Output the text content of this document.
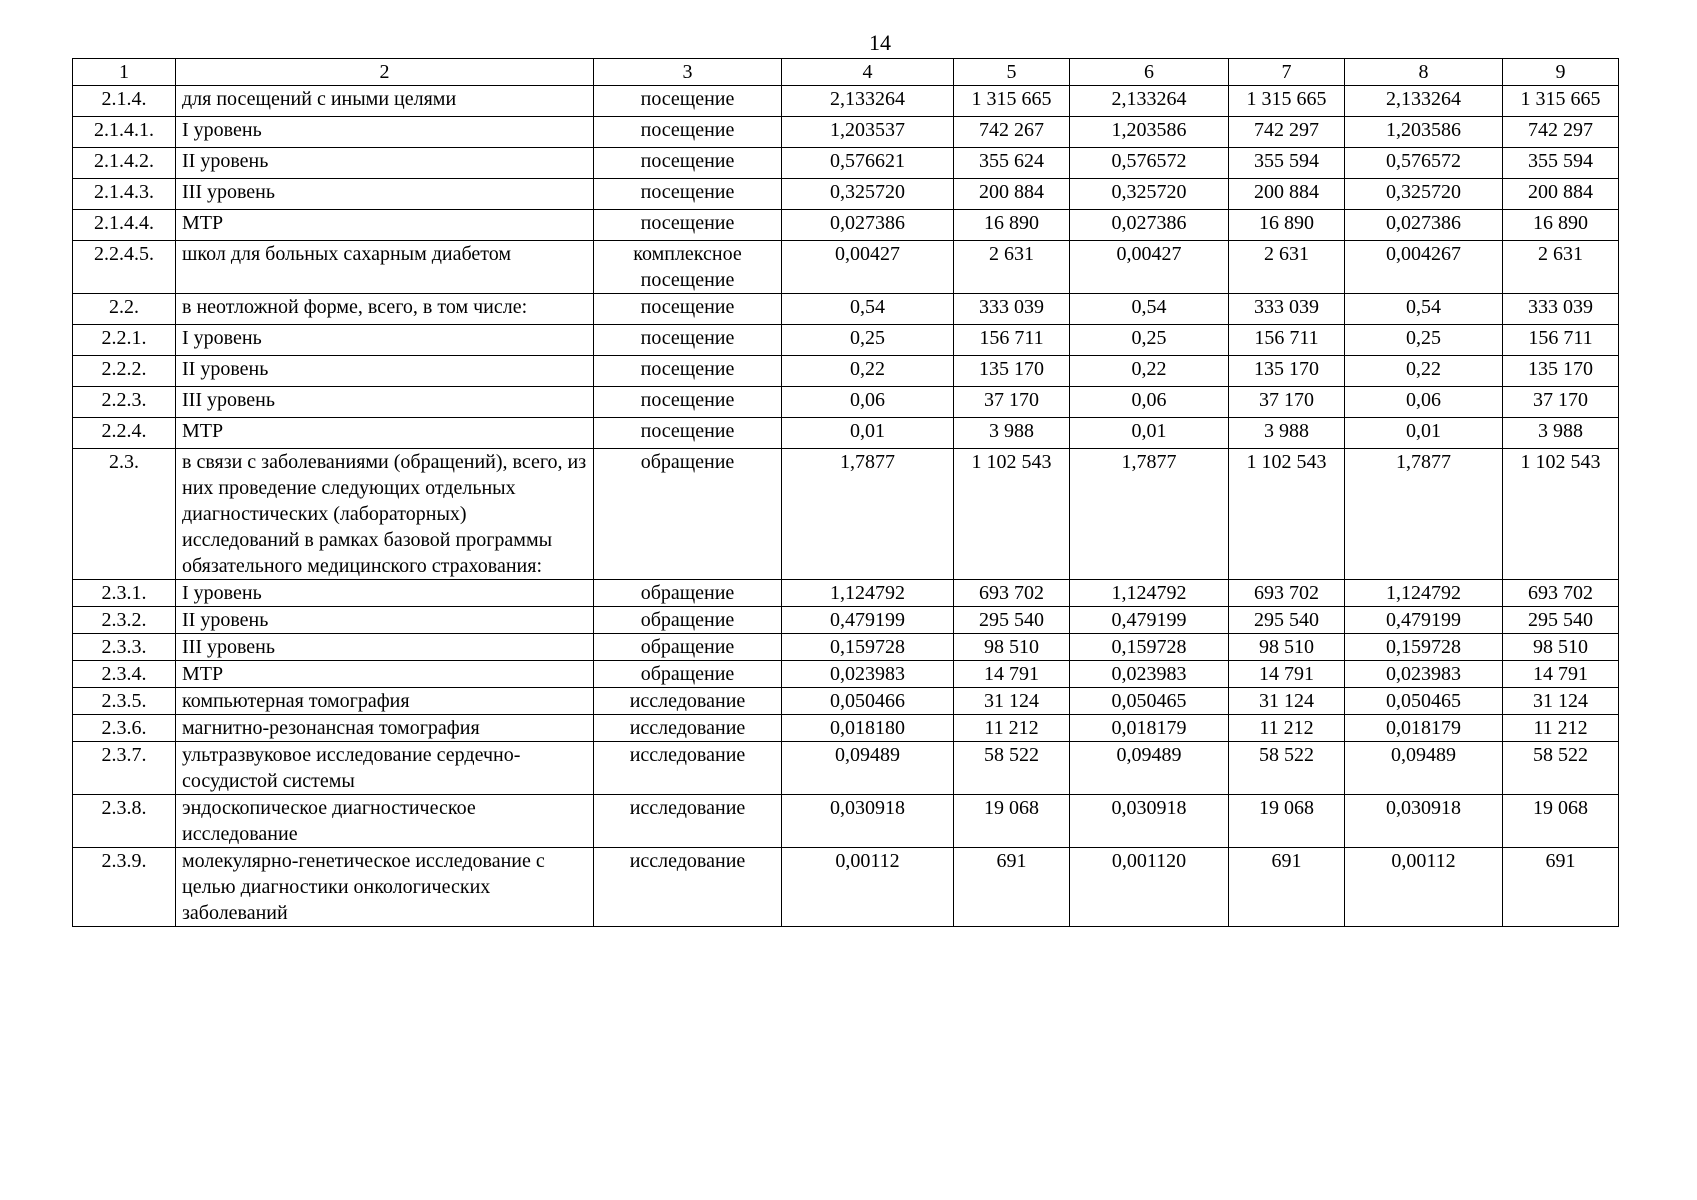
14
1	2	3	4	5	6	7	8	9
2.1.4.	для посещений с иными целями	посещение	2,133264	1 315 665	2,133264	1 315 665	2,133264	1 315 665
2.1.4.1.	I уровень	посещение	1,203537	742 267	1,203586	742 297	1,203586	742 297
2.1.4.2.	II уровень	посещение	0,576621	355 624	0,576572	355 594	0,576572	355 594
2.1.4.3.	III уровень	посещение	0,325720	200 884	0,325720	200 884	0,325720	200 884
2.1.4.4.	МТР	посещение	0,027386	16 890	0,027386	16 890	0,027386	16 890
2.2.4.5.	школ для больных сахарным диабетом	комплексное посещение	0,00427	2 631	0,00427	2 631	0,004267	2 631
2.2.	в неотложной форме, всего, в том числе:	посещение	0,54	333 039	0,54	333 039	0,54	333 039
2.2.1.	I уровень	посещение	0,25	156 711	0,25	156 711	0,25	156 711
2.2.2.	II уровень	посещение	0,22	135 170	0,22	135 170	0,22	135 170
2.2.3.	III уровень	посещение	0,06	37 170	0,06	37 170	0,06	37 170
2.2.4.	МТР	посещение	0,01	3 988	0,01	3 988	0,01	3 988
2.3.	в связи с заболеваниями (обращений), всего, из них проведение следующих отдельных диагностических (лабораторных) исследований в рамках базовой программы обязательного медицинского страхования:	обращение	1,7877	1 102 543	1,7877	1 102 543	1,7877	1 102 543
2.3.1.	I уровень	обращение	1,124792	693 702	1,124792	693 702	1,124792	693 702
2.3.2.	II уровень	обращение	0,479199	295 540	0,479199	295 540	0,479199	295 540
2.3.3.	III уровень	обращение	0,159728	98 510	0,159728	98 510	0,159728	98 510
2.3.4.	МТР	обращение	0,023983	14 791	0,023983	14 791	0,023983	14 791
2.3.5.	компьютерная томография	исследование	0,050466	31 124	0,050465	31 124	0,050465	31 124
2.3.6.	магнитно-резонансная томография	исследование	0,018180	11 212	0,018179	11 212	0,018179	11 212
2.3.7.	ультразвуковое исследование сердечно-сосудистой системы	исследование	0,09489	58 522	0,09489	58 522	0,09489	58 522
2.3.8.	эндоскопическое диагностическое исследование	исследование	0,030918	19 068	0,030918	19 068	0,030918	19 068
2.3.9.	молекулярно-генетическое исследование с целью диагностики онкологических заболеваний	исследование	0,00112	691	0,001120	691	0,00112	691
